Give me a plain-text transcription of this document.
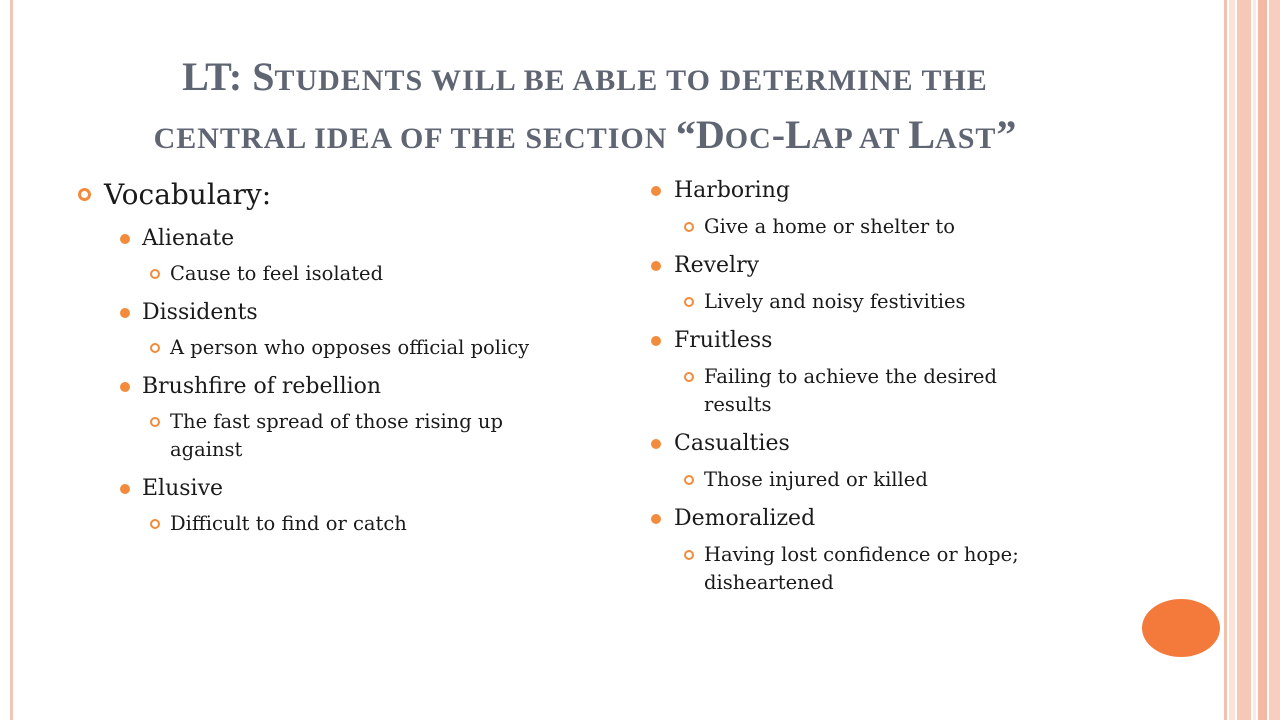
LT: STUDENTS WILL BE ABLE TO DETERMINE THE
CENTRAL IDEA OF THE SECTION “DOC-LAP AT LAST”
Vocabulary:
Alienate
Cause to feel isolated
Dissidents
A person who opposes official policy
Brushfire of rebellion
The fast spread of those rising up against
Elusive
Difficult to find or catch
Harboring
Give a home or shelter to
Revelry
Lively and noisy festivities
Fruitless
Failing to achieve the desired results
Casualties
Those injured or killed
Demoralized
Having lost confidence or hope; disheartened
